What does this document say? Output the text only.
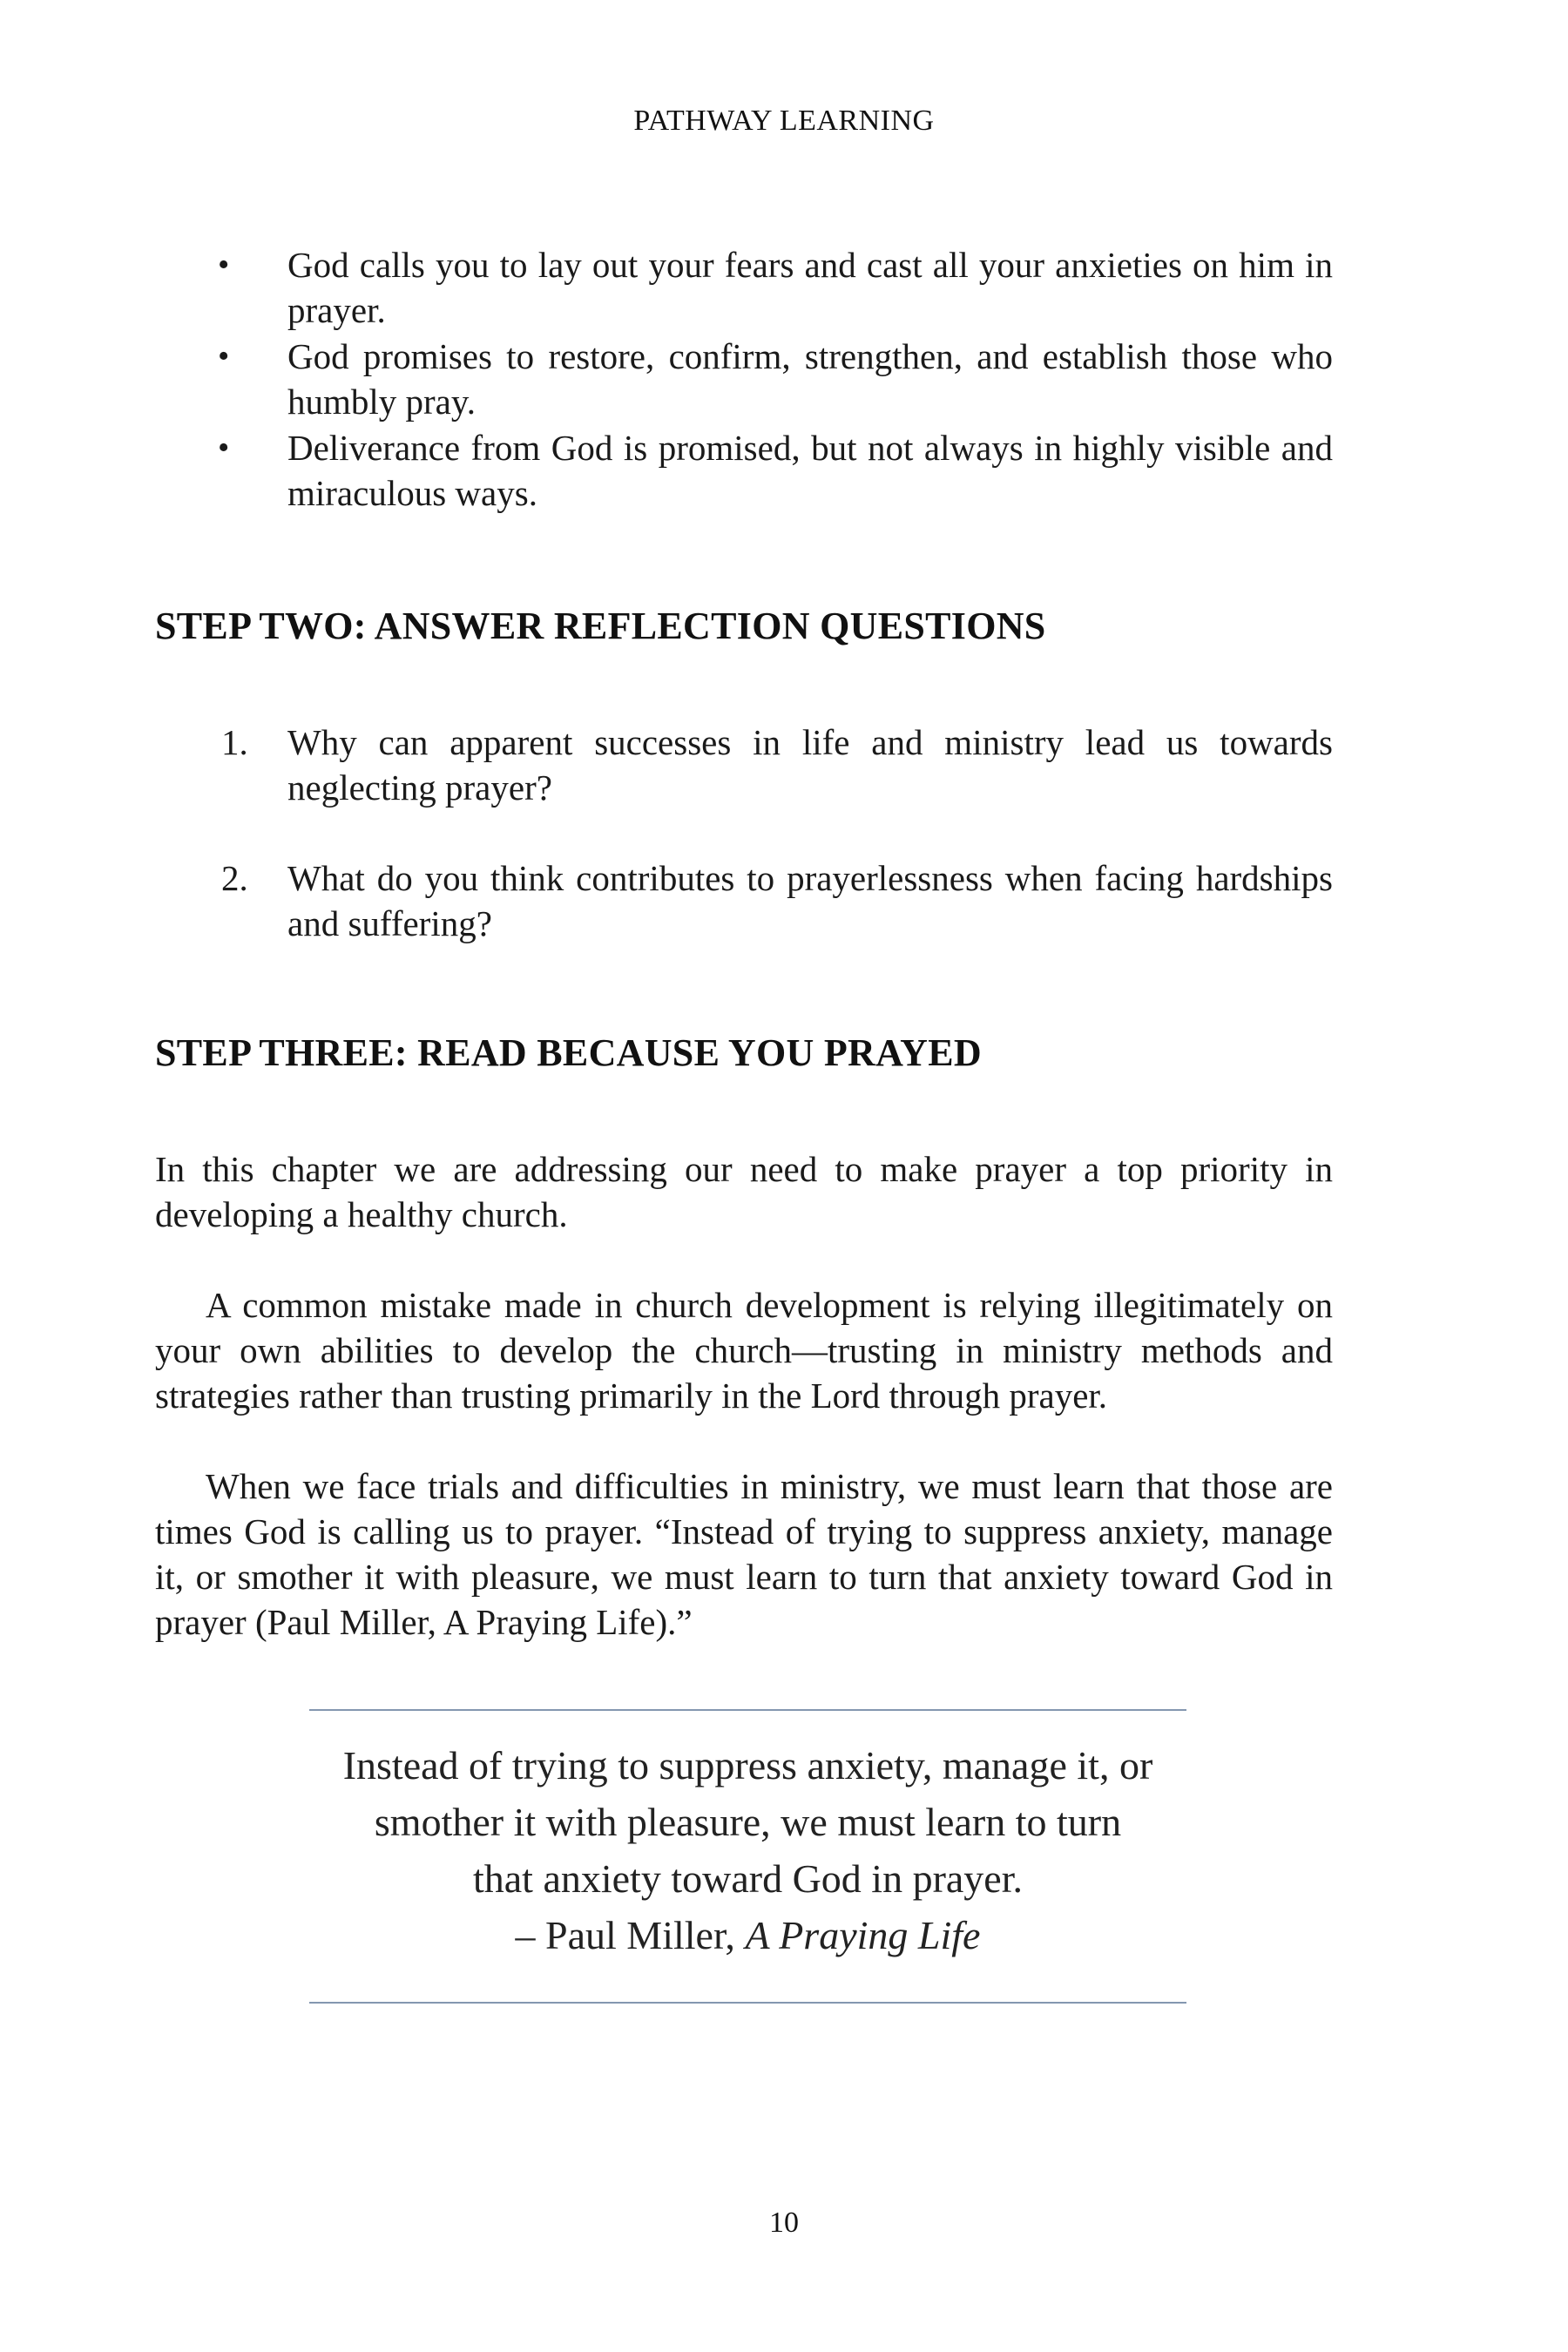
PATHWAY LEARNING
• God calls you to lay out your fears and cast all your anxieties on him in prayer.
• God promises to restore, confirm, strengthen, and establish those who humbly pray.
• Deliverance from God is promised, but not always in highly visible and miraculous ways.
STEP TWO: ANSWER REFLECTION QUESTIONS
1. Why can apparent successes in life and ministry lead us towards neglecting prayer?
2. What do you think contributes to prayerlessness when facing hardships and suffering?
STEP THREE: READ BECAUSE YOU PRAYED

In this chapter we are addressing our need to make prayer a top priority in developing a healthy church.

A common mistake made in church development is relying illegitimately on your own abilities to develop the church—trusting in ministry methods and strategies rather than trusting primarily in the Lord through prayer.

When we face trials and difficulties in ministry, we must learn that those are times God is calling us to prayer. “Instead of trying to suppress anxiety, manage it, or smother it with pleasure, we must learn to turn that anxiety toward God in prayer (Paul Miller, A Praying Life).”

Instead of trying to suppress anxiety, manage it, or
smother it with pleasure, we must learn to turn
that anxiety toward God in prayer.
– Paul Miller, A Praying Life
10
